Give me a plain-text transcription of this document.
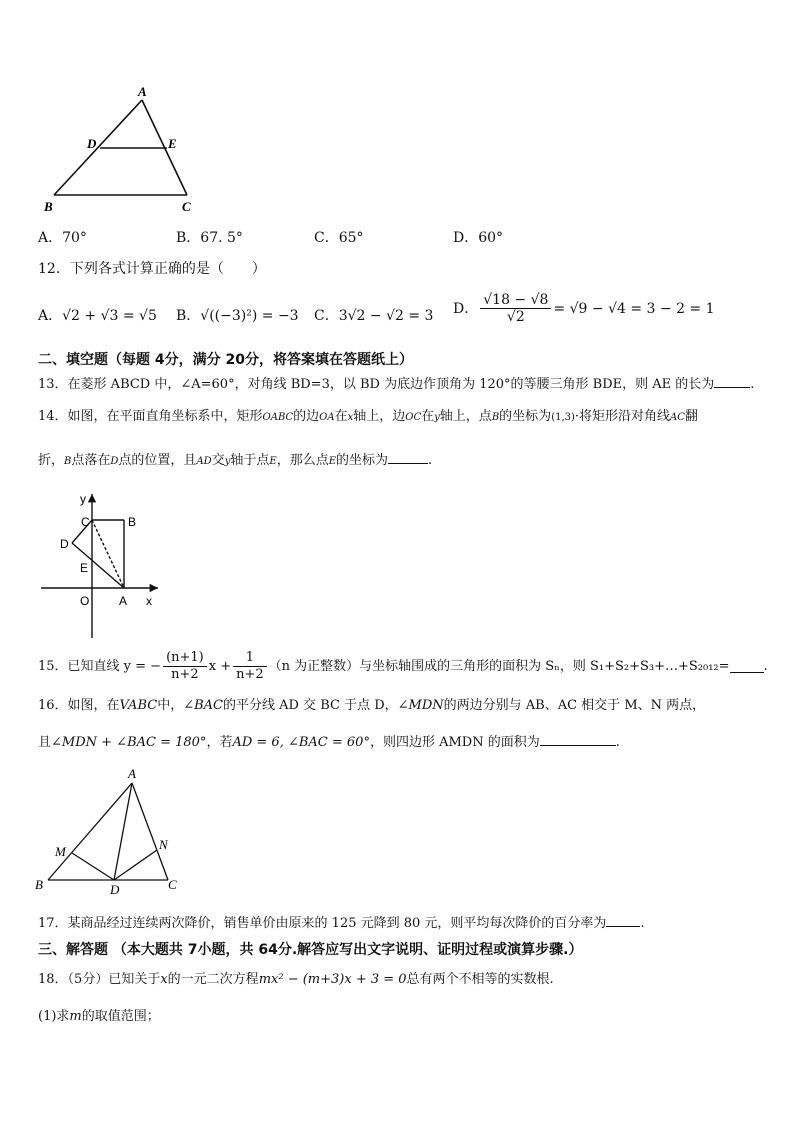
A
D	E
B	C
A．70°	B．67. 5°	C．65°	D．60°
12．下列各式计算正确的是（　　）
A．√2 + √3 = √5 B．√((−3)²) = −3 C．3√2 − √2 = 3 D． $\frac{√18 - √8}{√2} = √9 - √4 = 3 - 2 = 1$
二、填空题（每题 4分，满分 20分，将答案填在答题纸上）
13．在菱形 ABCD 中，∠A=60°，对角线 BD=3，以 BD 为底边作顶角为 120°的等腰三角形 BDE，则 AE 的长为	.
14．如图，在平面直角坐标系中，矩形OABC的边OA在x轴上，边OC在y轴上，点B的坐标为(1,3)·将矩形沿对角线AC翻
折，B点落在D点的位置，且AD交y轴于点E，那么点E的坐标为	.
y
x
C	B
D
E
O A
15．已知直线 y = − $\frac{(n+1)}{n+2}$ $x + \frac{1}{n+2} (n$ 为正整数）与坐标轴围成的三角形的面积为 Sₙ，则 S₁+S₂+S₃+…+S₂₀₁₂=	.
16．如图，在VABC中，∠BAC的平分线 AD 交 BC 于点 D，∠MDN的两边分别与 AB、AC 相交于 M、N 两点，
且∠MDN + ∠BAC = 180°，若AD = 6, ∠BAC = 60°，则四边形 AMDN 的面积为	.
A
M	N
B	D	C
17．某商品经过连续两次降价，销售单价由原来的 125 元降到 80 元，则平均每次降价的百分率为	.
三、解答题 （本大题共 7小题，共 64分.解答应写出文字说明、证明过程或演算步骤.）
18．（5分）已知关于x的一元二次方程mx² − (m+3)x + 3 = 0总有两个不相等的实数根.
(1)求m的取值范围；
